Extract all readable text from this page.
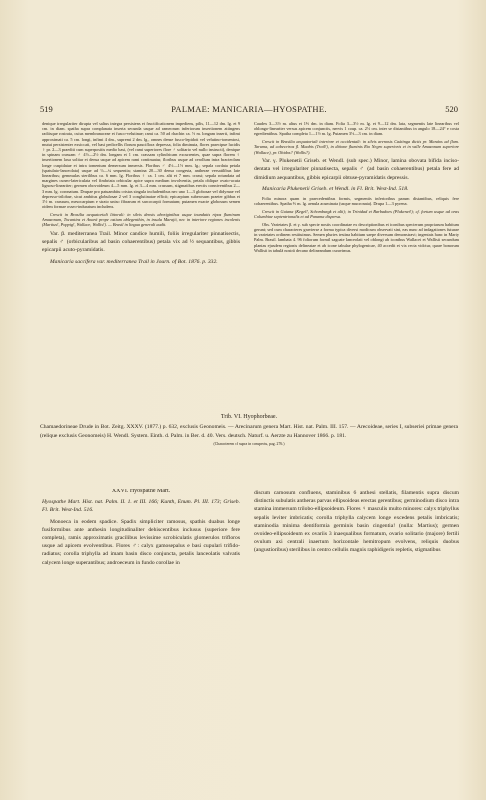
519	PALMAE: MANICARIA—HYOSPATHE.	520

denique irregulariter dirupta vel saltus integra persistens et fructificationem impediens, pilis, 11—12 dm. lg. et 9 cm. in diam. spatha supra complanata inserta secunda usque ad rameorum inferiorum insertionem attingens radiisque rostrata, cuius membranaceae et fusco-velutinae; rami ca. 50 ad rhachin ca. ½ m. longam inserti, infimi approximati ca. 5 cm. longi, infimi 4 dm., supremi 2 dm. lg., omnes dense fusco-lepidoti vel velutino-tomentosi, mutui persistenter exsiccati, vel basi pedicellis florum pauciflora depressa, folia diminuta, flores praecipue lucidis ♀ pr. 2—3 praediti cum superpositis medio basi, (vel rami superiores flore ♂ solitario vel nullo instructi), denique in spinam crassam ♂ 4½—2½ dm. longam et 1 cm. crassam cylindricam excurrentes, quae supra florem ♀ insertionem laxa solitar et densa usque ad apicem rami continuatur, floribus usque ad cerollum intra bracteolam longe cuspidatae et intra tomentum demersum inmersis. Floribus ♂ 4½—1½ mm. lg.; sepala cordata petala (spatulato-lanceolata) usque ad ⅓—¼ sequentia; stamina 20—30 densa congesta, antherae versatilibus late linearibus; gemmulas sterilibus ca. 6 mm. lg. Floribus ♀ ca. 1 cm. alti et 7 mm. crassi; sepala rotundata ad margines cuneo-latericulata vel fimbriata orbicular apice supra medium involventia, petala oblique ovato-acuta lignoso-lineariter; germen obovoideum 4—5 mm. lg. et 3—4 mm. crassum, stigmatibus erectis conniventibus 2—3 mm. lg. coronatum. Drupae pro patuambitu cristas singula includentibus nec uno 1—3 globosae vel didymae vel depresso-trilobae, sicut ambitus globulosae 2 vel 3 conglutinatae efficit; epicarpium suberosum praeter gibbas et 1½ m. crassum, mesocarpium e strato uniso fibrarum et sarcocarpii formatum; putamen exacte globosum semen oidem formae osseo-induratum includens.

Crescit in Brasilia aequatoriali littorali: in silvis densis aboriginibus usque inundatis ripas fluminum Amazonum, Tocantins et Anará prope ostium ablegenthin, in insula Marajó, nec in interiore regiones incolenis (Martius!, Poppig!, Wallace, Wallis!). — Brasil in lingua generali audit.

Var. β. mediterranea Trail. Minor candice humili, foliis irregulariter pinnatisectis, sepalis ♂ (orbicularibus ad basin cohaerentibus) petala vix ad ½ sequantibus, gibbis epicarpii acuto-pyramidatis.

Manicaria saccifera var. mediterranea Trail in Journ. of Bot. 1876. p. 332.

Caudex 3—3½ m. altus et 1⅔ dm. in diam. Folia 3—3½ m. lg. et 9—12 dm. lata, segmentis late linearibus vel oblongo-lineariter versus apicem conjunctis, nervis 1 coup. ca. 2⅓ cm. inter se distantibus in angulo 18—24° e costa egredientibus. Spatha completa 1—1½ m. lg. Putamen 3½—3 cm. in diam.

Crescit in Brasilia aequatoriali interiore et occidentali: in silvis arenosis Caàtinga dictis pr. Manáos ad flum. Taruma, ad cabeceiras fl. Maabis (Trail!), in ditione fluminis Rio Negro superioris et in valle Amazonum superiore (Wallace), pr. Obidos? (Wallis?).

Var. γ. Plukenetii Griseb. et Wendl. (sub spec.) Minor, lamina obovata bifida inciso-dentata vel irregulariter pinnatisecta, sepalis ♂ (ad basin cohaerentibus) petala fere ad dimidium aequantibus, gibbis epicarpii obtuse-pyramidatis depressis.

Manicaria Plukenetii Griseb. et Wendl. in Fl. Brit. West-Ind. 518.

Folia minora quam in praecedentibus formis, segmentis inferioribus parum distantibus, reliquis fere cohaerentibus. Spatha ⅔ m. lg. aenula acuminata (usque mucronata). Drupa 1—3 pyrena.

Crescit in Guiana (Kegel!, Schomburgk et alii); in Trinidad et Barbadoes (Plukenet!); cf. fortum usque ad oras Columbiae septentrionalis et ad Panama dispersa.

Obs. Varietates β. et γ. sub specie nostis coordinatae ex descriptionibus et iconibus specierum propriarum habitum gerunt; sed cum characteres gravierse a forma typica diversi modicum observati sint, eas nunc ad indagationes futurae in varietates ordinem restituimus. Semen pluries testina habitum saepe diversum demonstravi; ingentais hanc in Marty Palm. Brasil. lambata 4. 96 foliorum formil sagoate lanceolati vel oblongi ab iconibus Wallacei et Wallisii secundum plantas ejusdem regionis delineatae et ab icone tabulae phylogenicae, 40 accedit et vix recta vidctur, quare bonorum Wallisii in tabulā nostrā decano delineandum curavimus.

Trib. VI. Hyophorbeae.
Chamaedorineae Drude in Bot. Zeitg. XXXV. (1877.) p. 632, exclusis Geonomeis. — Arecinarum genera Mart. Hist. nat. Palm. III. 157. — Arecoideae, series I, subseriei primae genera (relique exclusis Geonomeis) H. Wendl. System. Einth. d. Palm. in Ber. d. 40. Vers. deutsch. Naturf. u. Aerzte zu Hannover 1866. p. 181.
(Characterem cf supra in conspectu, pag. 276.)
XXVI. Hyospathe Mart.

Hyospathe Mart. Hist. nat. Palm. II. 1. et III. 166; Kunth, Enum. Pl. III. 173; Griseb. Fl. Brit. West-Ind. 516.

Monoeca in eodem spadice. Spadix simpliciter ramosus, spathis duabus longe fusiformibus ante anthesin longitudinaliter dehiscentibus inclusus (superiore fere completa), ramis approximatis gracilibus levissime scrobiculatis glomerulos trifloros usque ad apicem evolventibus. Flores ♂: calyx gamosepalus e basi cupulari trifido-radiatus; corolla triphylla ad imam basin disco conjuncta, petalis lanceolatis valvatis calycem longe superantibus; androeceum in fundo corollae in

discum carnosum confluens, staminibus 6 anthesi stellatis, filamentis supra discum distinctis subulatis antheras parvas ellipsoideas erectas gerentibus; germinodium disco intra stamina immersum trilobo-ellipsoideum. Flores ♀ masculis multo minores: calyx triphyllus sepalis leviter imbricatis; corolla triphylla calycem longe excedens petalis imbricatis; staminodia minima dentiformia germinis basin cingentia! (nulla: Martius); germen ovoideo-ellipsoideum ex ovariis 3 inaequalibus formatum, ovario solitario (majore) fertili ovulum axi centrali inaertum horizontale hemitropum evolvens, reliquis duobus (angustioribus) sterilibus in centro cellulis magnis raphidigeris repletis, stigmatibus
